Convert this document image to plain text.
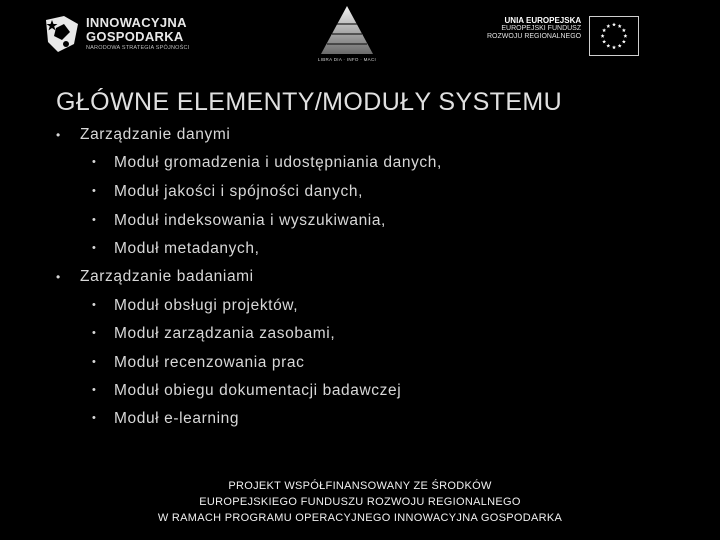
INNOWACYJNA
GOSPODARKA
NARODOWA STRATEGIA SPÓJNOŚCI
LIBRA DIA · INFO · MACI
UNIA EUROPEJSKA
EUROPEJSKI FUNDUSZ
ROZWOJU REGIONALNEGO
GŁÓWNE ELEMENTY/MODUŁY SYSTEMU
• Zarządzanie danymi
• Moduł gromadzenia i udostępniania danych,
• Moduł jakości i spójności danych,
• Moduł indeksowania i wyszukiwania,
• Moduł metadanych,
• Zarządzanie badaniami
• Moduł obsługi projektów,
• Moduł zarządzania zasobami,
• Moduł recenzowania prac
• Moduł obiegu dokumentacji badawczej
• Moduł e-learning
PROJEKT WSPÓŁFINANSOWANY ZE ŚRODKÓW
EUROPEJSKIEGO FUNDUSZU ROZWOJU REGIONALNEGO
W RAMACH PROGRAMU OPERACYJNEGO INNOWACYJNA GOSPODARKA
